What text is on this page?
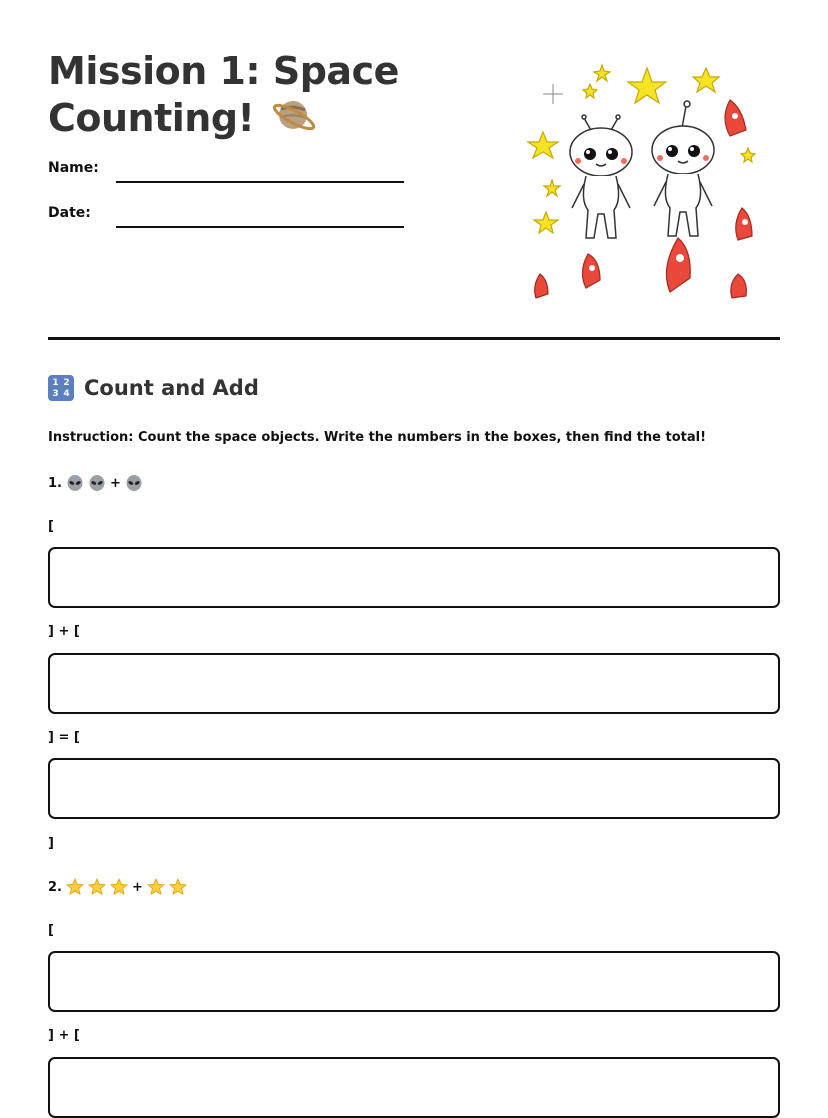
Mission 1: Space Counting!
Name:
Date:
1 2
3 4 Count and Add
Instruction: Count the space objects. Write the numbers in the boxes, then find the total!
1.	+
[
] + [
] = [
]
2.	+
[
] + [
